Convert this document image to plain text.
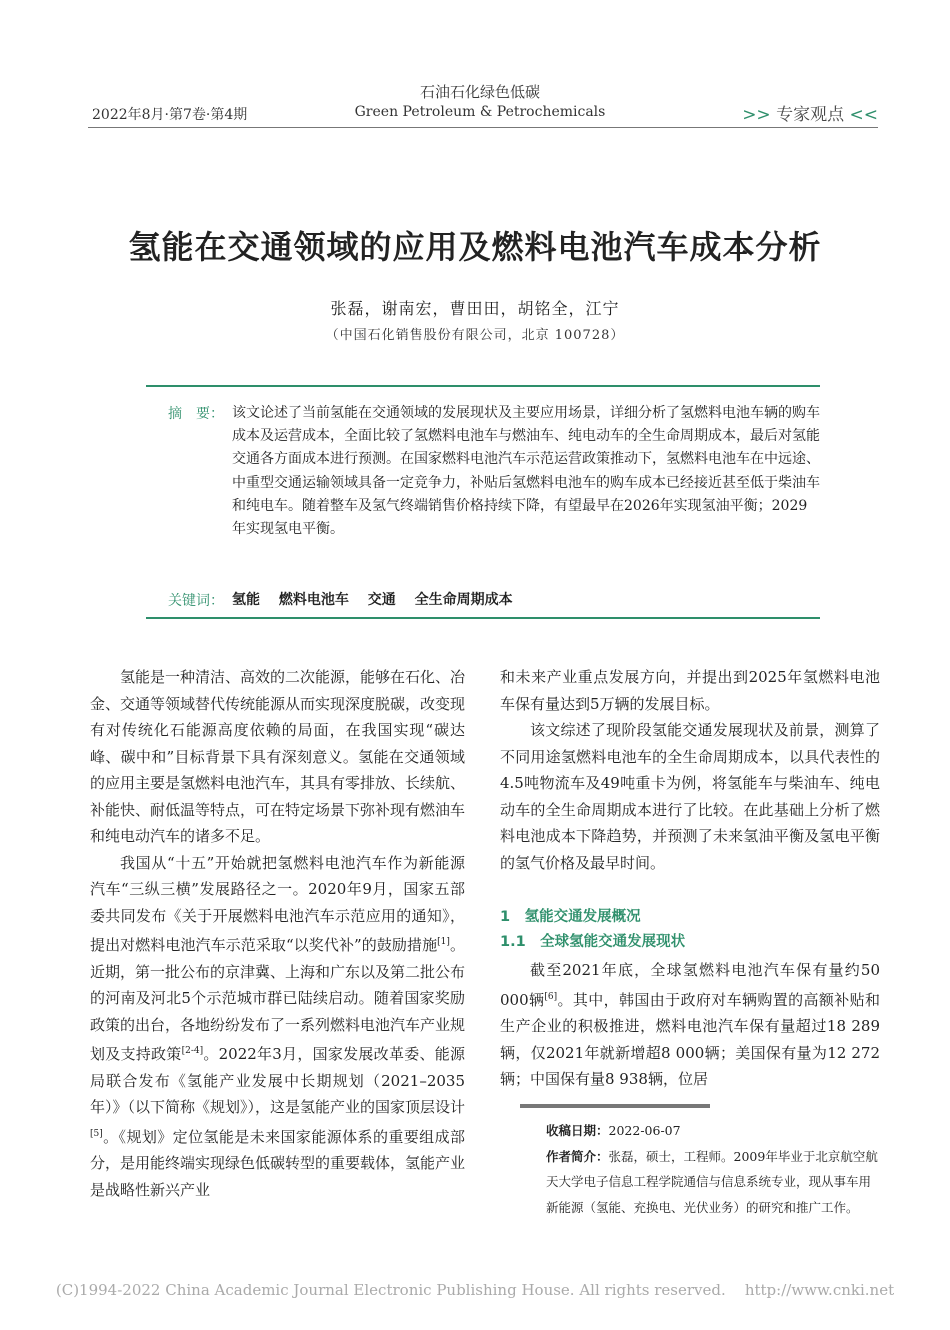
2022年8月·第7卷·第4期
石油石化绿色低碳
Green Petroleum & Petrochemicals	>> 专家观点 <<
氢能在交通领域的应用及燃料电池汽车成本分析
张磊，谢南宏，曹田田，胡铭全，江宁
（中国石化销售股份有限公司，北京 100728）
摘　要： 该文论述了当前氢能在交通领域的发展现状及主要应用场景，详细分析了氢燃料电池车辆的购车成本及运营成本，全面比较了氢燃料电池车与燃油车、纯电动车的全生命周期成本，最后对氢能交通各方面成本进行预测。在国家燃料电池汽车示范运营政策推动下，氢燃料电池车在中远途、中重型交通运输领域具备一定竞争力，补贴后氢燃料电池车的购车成本已经接近甚至低于柴油车和纯电车。随着整车及氢气终端销售价格持续下降，有望最早在2026年实现氢油平衡；2029年实现氢电平衡。
关键词： 氢能 燃料电池车 交通 全生命周期成本

氢能是一种清洁、高效的二次能源，能够在石化、冶金、交通等领域替代传统能源从而实现深度脱碳，改变现有对传统化石能源高度依赖的局面，在我国实现“碳达峰、碳中和”目标背景下具有深刻意义。氢能在交通领域的应用主要是氢燃料电池汽车，其具有零排放、长续航、补能快、耐低温等特点，可在特定场景下弥补现有燃油车和纯电动汽车的诸多不足。

我国从“十五”开始就把氢燃料电池汽车作为新能源汽车“三纵三横”发展路径之一。2020年9月，国家五部委共同发布《关于开展燃料电池汽车示范应用的通知》，提出对燃料电池汽车示范采取“以奖代补”的鼓励措施[1]。近期，第一批公布的京津冀、上海和广东以及第二批公布的河南及河北5个示范城市群已陆续启动。随着国家奖励政策的出台，各地纷纷发布了一系列燃料电池汽车产业规划及支持政策[2-4]。2022年3月，国家发展改革委、能源局联合发布《氢能产业发展中长期规划（2021–2035年）》（以下简称《规划》），这是氢能产业的国家顶层设计[5]。《规划》定位氢能是未来国家能源体系的重要组成部分，是用能终端实现绿色低碳转型的重要载体，氢能产业是战略性新兴产业

和未来产业重点发展方向，并提出到2025年氢燃料电池车保有量达到5万辆的发展目标。

该文综述了现阶段氢能交通发展现状及前景，测算了不同用途氢燃料电池车的全生命周期成本，以具代表性的4.5吨物流车及49吨重卡为例，将氢能车与柴油车、纯电动车的全生命周期成本进行了比较。在此基础上分析了燃料电池成本下降趋势，并预测了未来氢油平衡及氢电平衡的氢气价格及最早时间。

1　氢能交通发展概况
1.1　全球氢能交通发展现状

截至2021年底，全球氢燃料电池汽车保有量约50 000辆[6]。其中，韩国由于政府对车辆购置的高额补贴和生产企业的积极推进，燃料电池汽车保有量超过18 289辆，仅2021年就新增超8 000辆；美国保有量为12 272辆；中国保有量8 938辆，位居

收稿日期：2022-06-07
作者简介：张磊，硕士，工程师。2009年毕业于北京航空航天大学电子信息工程学院通信与信息系统专业，现从事车用新能源（氢能、充换电、光伏业务）的研究和推广工作。
(C)1994-2022 China Academic Journal Electronic Publishing House. All rights reserved.    http://www.cnki.net
